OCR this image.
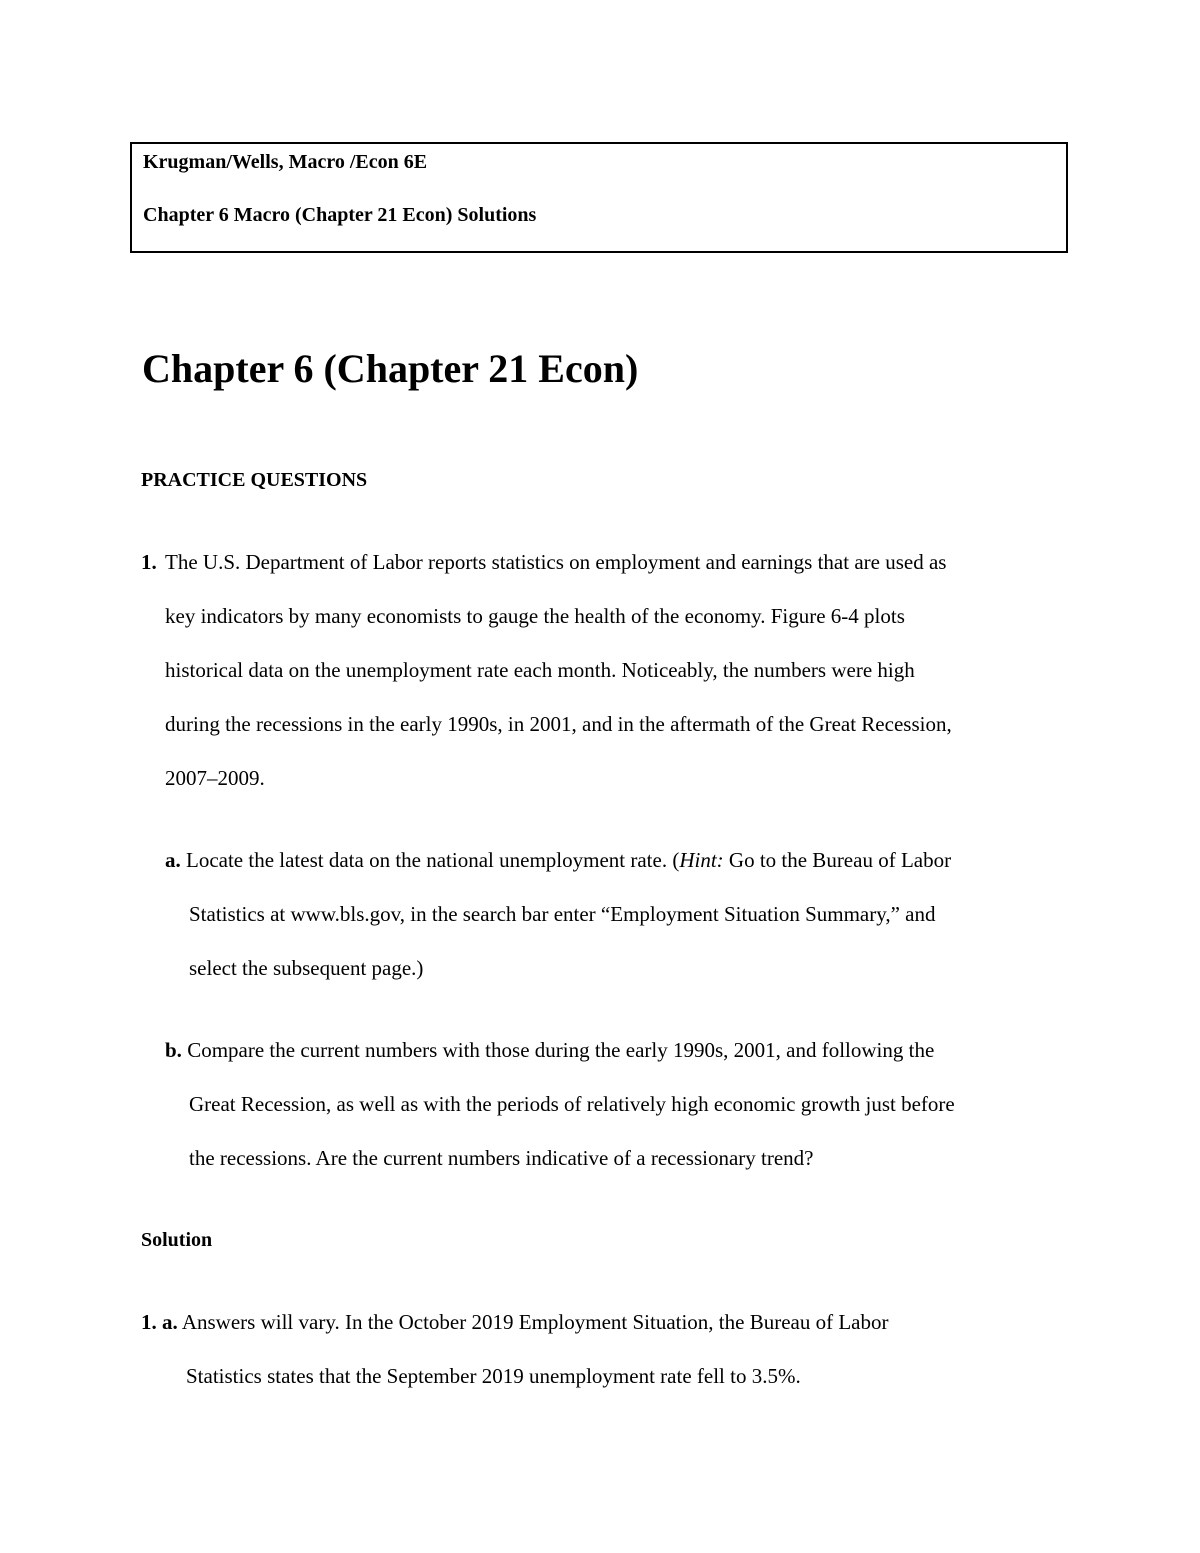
Krugman/Wells, Macro /Econ 6E
Chapter 6 Macro (Chapter 21 Econ) Solutions
Chapter 6 (Chapter 21 Econ)
PRACTICE QUESTIONS
1. The U.S. Department of Labor reports statistics on employment and earnings that are used as
key indicators by many economists to gauge the health of the economy. Figure 6-4 plots
historical data on the unemployment rate each month. Noticeably, the numbers were high
during the recessions in the early 1990s, in 2001, and in the aftermath of the Great Recession,
2007–2009.
a. Locate the latest data on the national unemployment rate. (Hint: Go to the Bureau of Labor
Statistics at www.bls.gov, in the search bar enter “Employment Situation Summary,” and
select the subsequent page.)
b. Compare the current numbers with those during the early 1990s, 2001, and following the
Great Recession, as well as with the periods of relatively high economic growth just before
the recessions. Are the current numbers indicative of a recessionary trend?
Solution
1. a. Answers will vary. In the October 2019 Employment Situation, the Bureau of Labor
Statistics states that the September 2019 unemployment rate fell to 3.5%.
